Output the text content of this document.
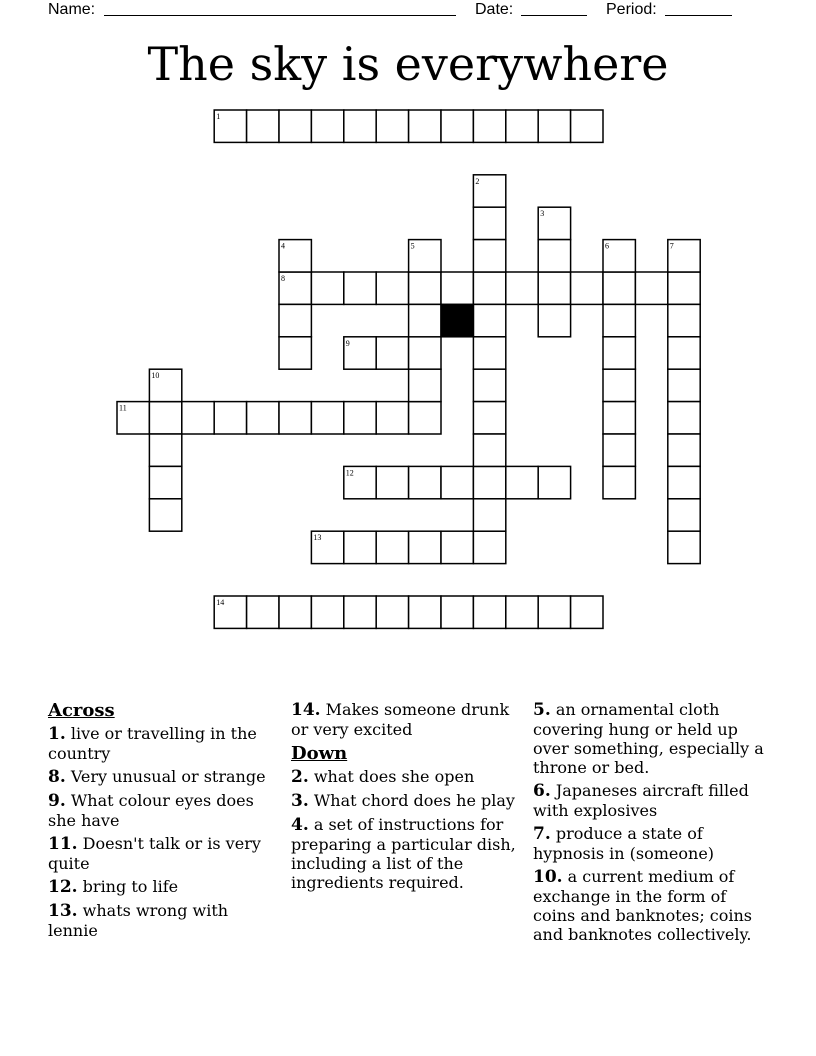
Name:	Date:	Period:
The sky is everywhere
1
2
3
4	5	6	7
8
9
10
11
12
13
14
Across
1. live or travelling in the country
8. Very unusual or strange
9. What colour eyes does she have
11. Doesn't talk or is very quite
12. bring to life
13. whats wrong with lennie
14. Makes someone drunk or very excited
Down
2. what does she open
3. What chord does he play
4. a set of instructions for preparing a particular dish, including a list of the ingredients required.
5. an ornamental cloth covering hung or held up over something, especially a throne or bed.
6. Japaneses aircraft filled with explosives
7. produce a state of hypnosis in (someone)
10. a current medium of exchange in the form of coins and banknotes; coins and banknotes collectively.
